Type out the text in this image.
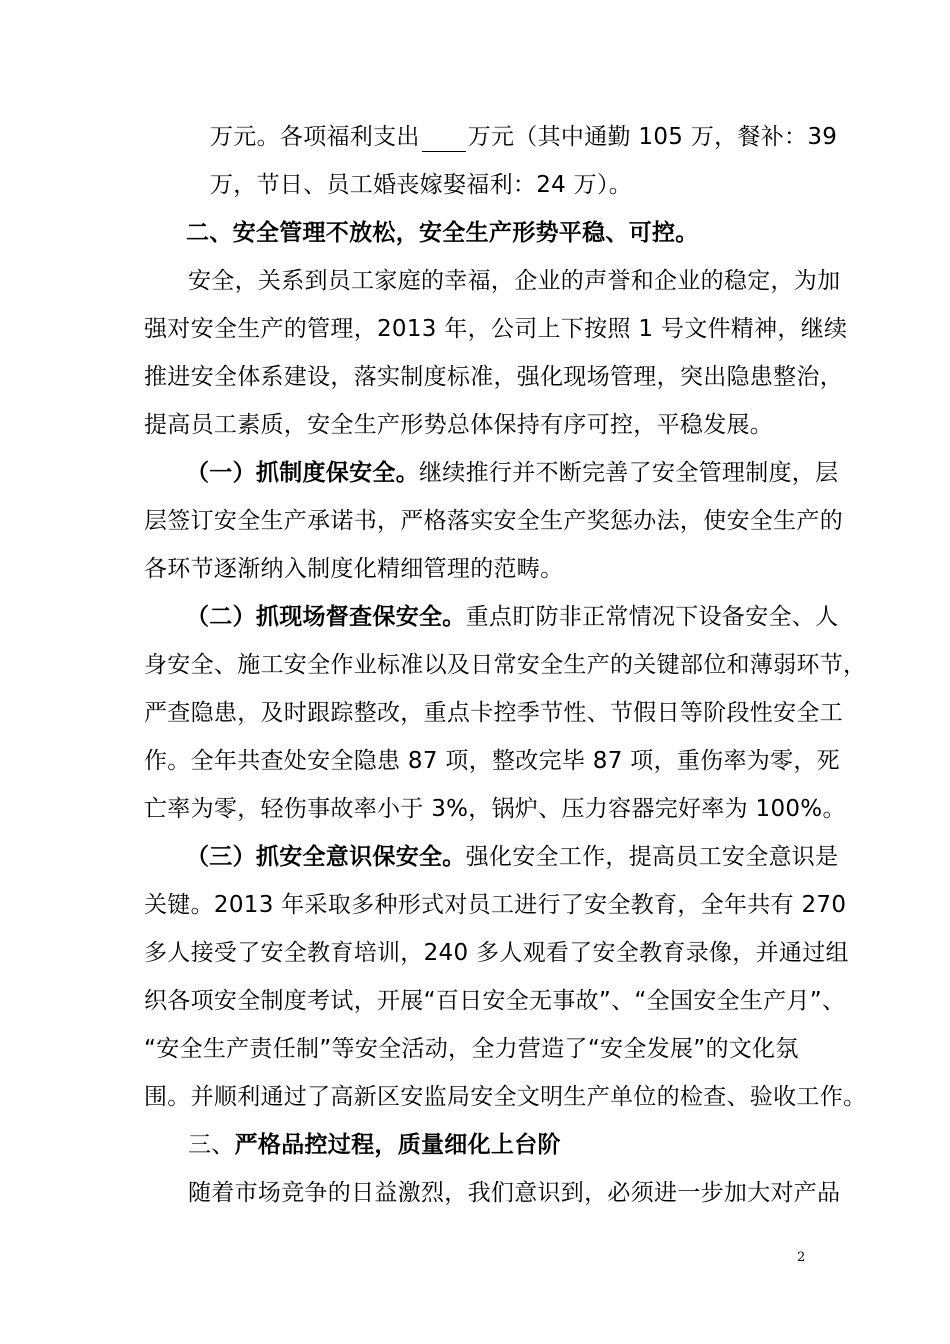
万元。各项福利支出 万元（其中通勤 105 万，餐补：39
万，节日、员工婚丧嫁娶福利：24 万）。
二、安全管理不放松，安全生产形势平稳、可控。
安全，关系到员工家庭的幸福，企业的声誉和企业的稳定，为加
强对安全生产的管理，2013 年，公司上下按照 1 号文件精神，继续
推进安全体系建设，落实制度标准，强化现场管理，突出隐患整治，
提高员工素质，安全生产形势总体保持有序可控，平稳发展。
（一）抓制度保安全。继续推行并不断完善了安全管理制度，层
层签订安全生产承诺书，严格落实安全生产奖惩办法，使安全生产的
各环节逐渐纳入制度化精细管理的范畴。
（二）抓现场督查保安全。重点盯防非正常情况下设备安全、人
身安全、施工安全作业标准以及日常安全生产的关键部位和薄弱环节，
严查隐患，及时跟踪整改，重点卡控季节性、节假日等阶段性安全工
作。全年共查处安全隐患 87 项，整改完毕 87 项，重伤率为零，死
亡率为零，轻伤事故率小于 3%，锅炉、压力容器完好率为 100%。
（三）抓安全意识保安全。强化安全工作，提高员工安全意识是
关键。2013 年采取多种形式对员工进行了安全教育，全年共有 270
多人接受了安全教育培训，240 多人观看了安全教育录像，并通过组
织各项安全制度考试，开展“百日安全无事故”、“全国安全生产月”、
“安全生产责任制”等安全活动，全力营造了“安全发展”的文化氛
围。并顺利通过了高新区安监局安全文明生产单位的检查、验收工作。
三、严格品控过程，质量细化上台阶
随着市场竞争的日益激烈，我们意识到，必须进一步加大对产品
2
